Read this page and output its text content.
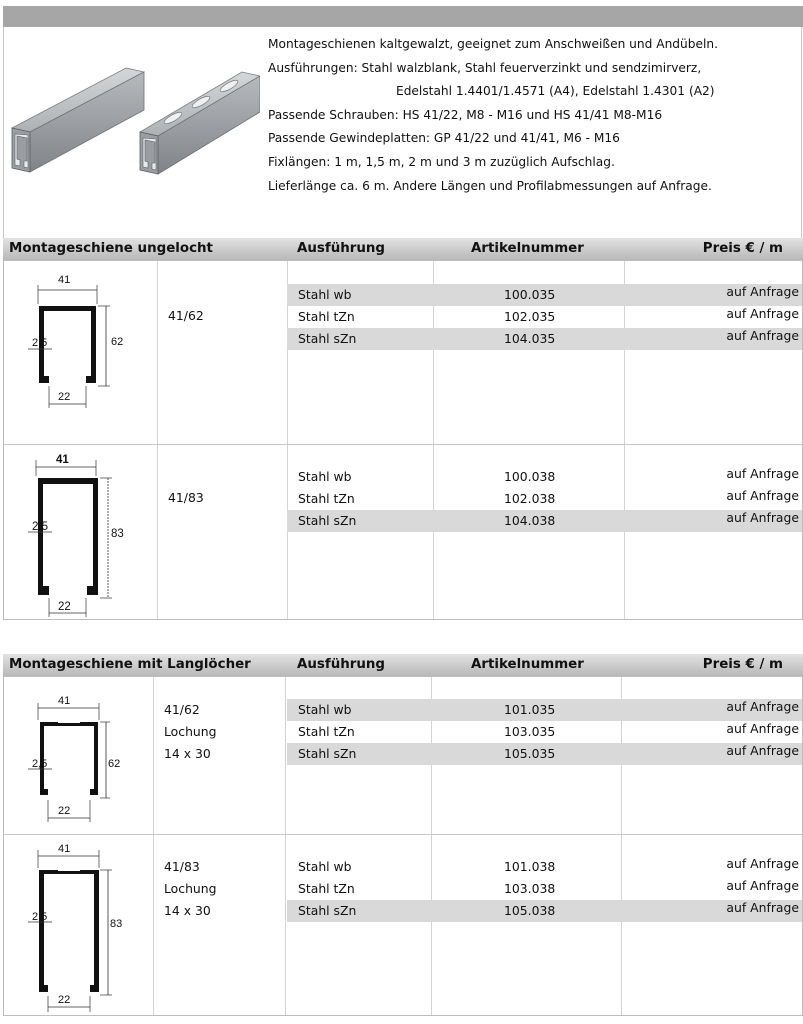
Montageschienen kaltgewalzt, geeignet zum Anschweißen und Andübeln.
Ausführungen: Stahl walzblank, Stahl feuerverzinkt und sendzimirverz,
Edelstahl 1.4401/1.4571 (A4), Edelstahl 1.4301 (A2)
Passende Schrauben: HS 41/22, M8 - M16 und HS 41/41 M8-M16
Passende Gewindeplatten: GP 41/22 und 41/41, M6 - M16
Fixlängen: 1 m, 1,5 m, 2 m und 3 m zuzüglich Aufschlag.
Lieferlänge ca. 6 m. Andere Längen und Profilabmessungen auf Anfrage.
Montageschiene ungelocht	Ausführung	Artikelnummer	Preis € / m
41
62
2,5
22
41/62
Stahl wb	100.035	auf Anfrage
Stahl tZn	102.035	auf Anfrage
Stahl sZn	104.035	auf Anfrage
41
83
2,5
22
41/83
Stahl wb	100.038	auf Anfrage
Stahl tZn	102.038	auf Anfrage
Stahl sZn	104.038	auf Anfrage
Montageschiene mit Langlöcher	Ausführung	Artikelnummer	Preis € / m
41
62
2,5
22
41/62
Lochung
14 x 30
Stahl wb	101.035	auf Anfrage
Stahl tZn	103.035	auf Anfrage
Stahl sZn	105.035	auf Anfrage
41
83
2,5
22
41/83
Lochung
14 x 30
Stahl wb	101.038	auf Anfrage
Stahl tZn	103.038	auf Anfrage
Stahl sZn	105.038	auf Anfrage
